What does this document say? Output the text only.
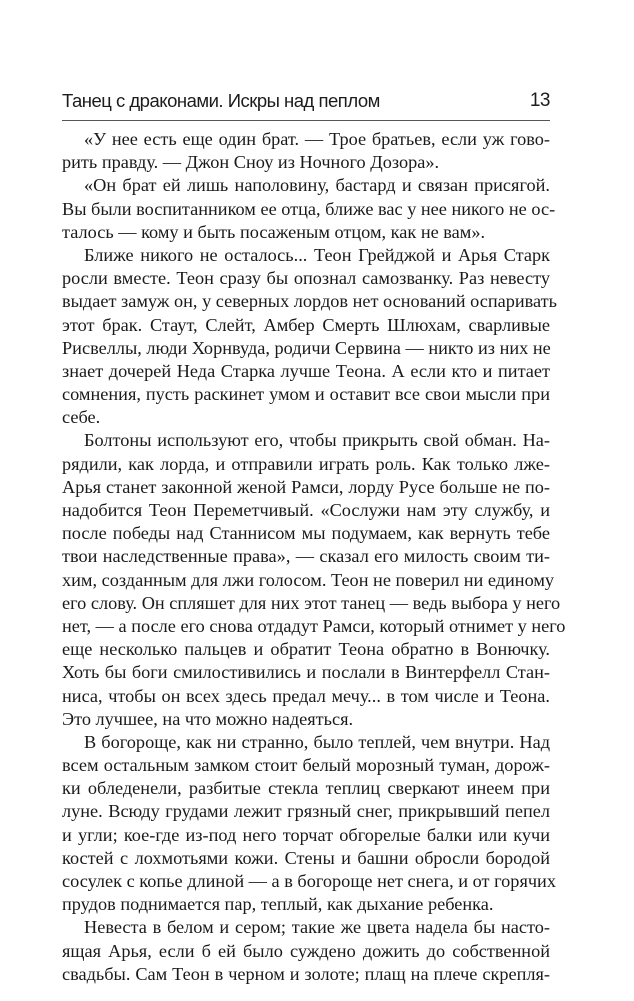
Танец с драконами. Искры над пеплом	13
«У нее есть еще один брат. — Трое братьев, если уж гово-
рить правду. — Джон Сноу из Ночного Дозора».
«Он брат ей лишь наполовину, бастард и связан присягой.
Вы были воспитанником ее отца, ближе вас у нее никого не ос-
талось — кому и быть посаженым отцом, как не вам».
Ближе никого не осталось... Теон Грейджой и Арья Старк
росли вместе. Теон сразу бы опознал самозванку. Раз невесту
выдает замуж он, у северных лордов нет оснований оспаривать
этот брак. Стаут, Слейт, Амбер Смерть Шлюхам, сварливые
Рисвеллы, люди Хорнвуда, родичи Сервина — никто из них не
знает дочерей Неда Старка лучше Теона. А если кто и питает
сомнения, пусть раскинет умом и оставит все свои мысли при
себе.
Болтоны используют его, чтобы прикрыть свой обман. На-
рядили, как лорда, и отправили играть роль. Как только лже-
Арья станет законной женой Рамси, лорду Русе больше не по-
надобится Теон Переметчивый. «Сослужи нам эту службу, и
после победы над Станнисом мы подумаем, как вернуть тебе
твои наследственные права», — сказал его милость своим ти-
хим, созданным для лжи голосом. Теон не поверил ни единому
его слову. Он спляшет для них этот танец — ведь выбора у него
нет, — а после его снова отдадут Рамси, который отнимет у него
еще несколько пальцев и обратит Теона обратно в Вонючку.
Хоть бы боги смилостивились и послали в Винтерфелл Стан-
ниса, чтобы он всех здесь предал мечу... в том числе и Теона.
Это лучшее, на что можно надеяться.
В богороще, как ни странно, было теплей, чем внутри. Над
всем остальным замком стоит белый морозный туман, дорож-
ки обледенели, разбитые стекла теплиц сверкают инеем при
луне. Всюду грудами лежит грязный снег, прикрывший пепел
и угли; кое-где из-под него торчат обгорелые балки или кучи
костей с лохмотьями кожи. Стены и башни обросли бородой
сосулек с копье длиной — а в богороще нет снега, и от горячих
прудов поднимается пар, теплый, как дыхание ребенка.
Невеста в белом и сером; такие же цвета надела бы насто-
ящая Арья, если б ей было суждено дожить до собственной
свадьбы. Сам Теон в черном и золоте; плащ на плече скрепля-
